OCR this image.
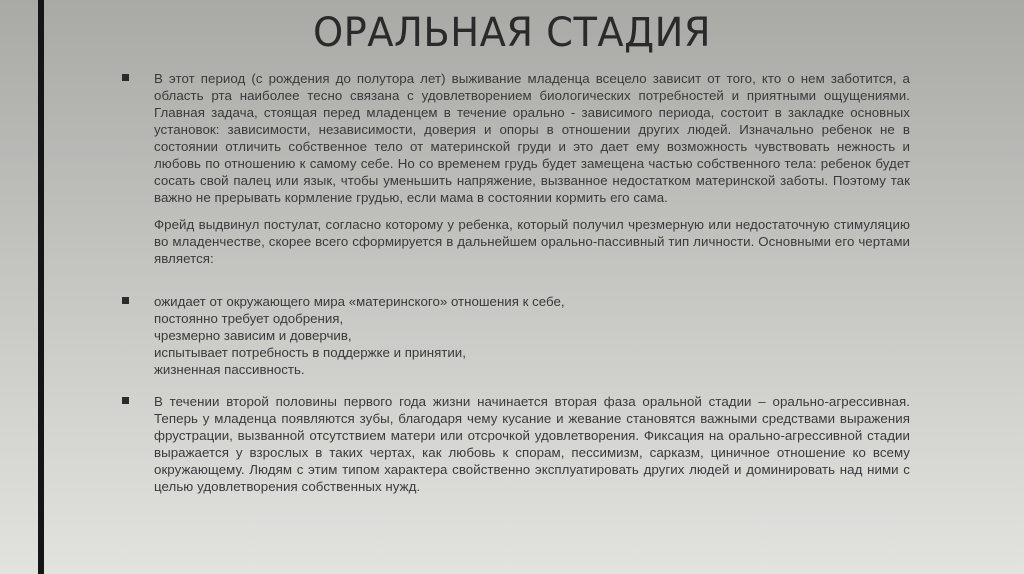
ОРАЛЬНАЯ СТАДИЯ
В этот период (с рождения до полутора лет) выживание младенца всецело зависит от того, кто о нем заботится, а область рта наиболее тесно связана с удовлетворением биологических потребностей и приятными ощущениями. Главная задача, стоящая перед младенцем в течение орально - зависимого периода, состоит в закладке основных установок: зависимости, независимости, доверия и опоры в отношении других людей. Изначально ребенок не в состоянии отличить собственное тело от материнской груди и это дает ему возможность чувствовать нежность и любовь по отношению к самому себе. Но со временем грудь будет замещена частью собственного тела: ребенок будет сосать свой палец или язык, чтобы уменьшить напряжение, вызванное недостатком материнской заботы. Поэтому так важно не прерывать кормление грудью, если мама в состоянии кормить его сама.
Фрейд выдвинул постулат, согласно которому у ребенка, который получил чрезмерную или недостаточную стимуляцию во младенчестве, скорее всего сформируется в дальнейшем орально-пассивный тип личности. Основными его чертами является:
ожидает от окружающего мира «материнского» отношения к себе,
постоянно требует одобрения,
чрезмерно зависим и доверчив,
испытывает потребность в поддержке и принятии,
жизненная пассивность.
В течении второй половины первого года жизни начинается вторая фаза оральной стадии – орально-агрессивная. Теперь у младенца появляются зубы, благодаря чему кусание и жевание становятся важными средствами выражения фрустрации, вызванной отсутствием матери или отсрочкой удовлетворения. Фиксация на орально-агрессивной стадии выражается у взрослых в таких чертах, как любовь к спорам, пессимизм, сарказм, циничное отношение ко всему окружающему. Людям с этим типом характера свойственно эксплуатировать других людей и доминировать над ними с целью удовлетворения собственных нужд.
